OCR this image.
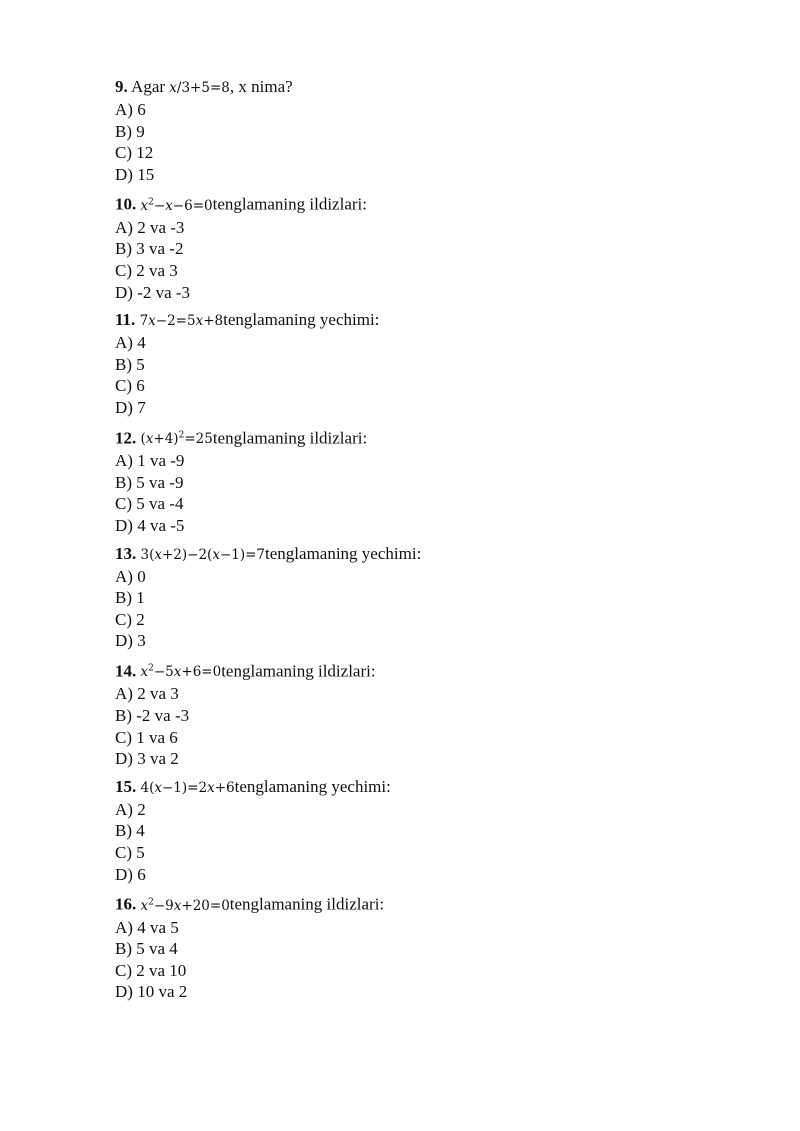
9. Agar x/3+5=8, x nima?
A) 6
B) 9
C) 12
D) 15
10. $x^2-x-6=0tenglamaning$ ildizlari:
A) 2 va -3
B) 3 va -2
C) 2 va 3
D) -2 va -3
11. 7x−2=5x+8tenglamaning yechimi:
A) 4
B) 5
C) 6
D) 7
12. $(x+4)^2=25tenglamaning$ ildizlari:
A) 1 va -9
B) 5 va -9
C) 5 va -4
D) 4 va -5
13. 3(x+2)−2(x−1)=7tenglamaning yechimi:
A) 0
B) 1
C) 2
D) 3
14. $x^2-5x+6=0tenglamaning$ ildizlari:
A) 2 va 3
B) -2 va -3
C) 1 va 6
D) 3 va 2
15. 4(x−1)=2x+6tenglamaning yechimi:
A) 2
B) 4
C) 5
D) 6
16. $x^2-9x+20=0tenglamaning$ ildizlari:
A) 4 va 5
B) 5 va 4
C) 2 va 10
D) 10 va 2
